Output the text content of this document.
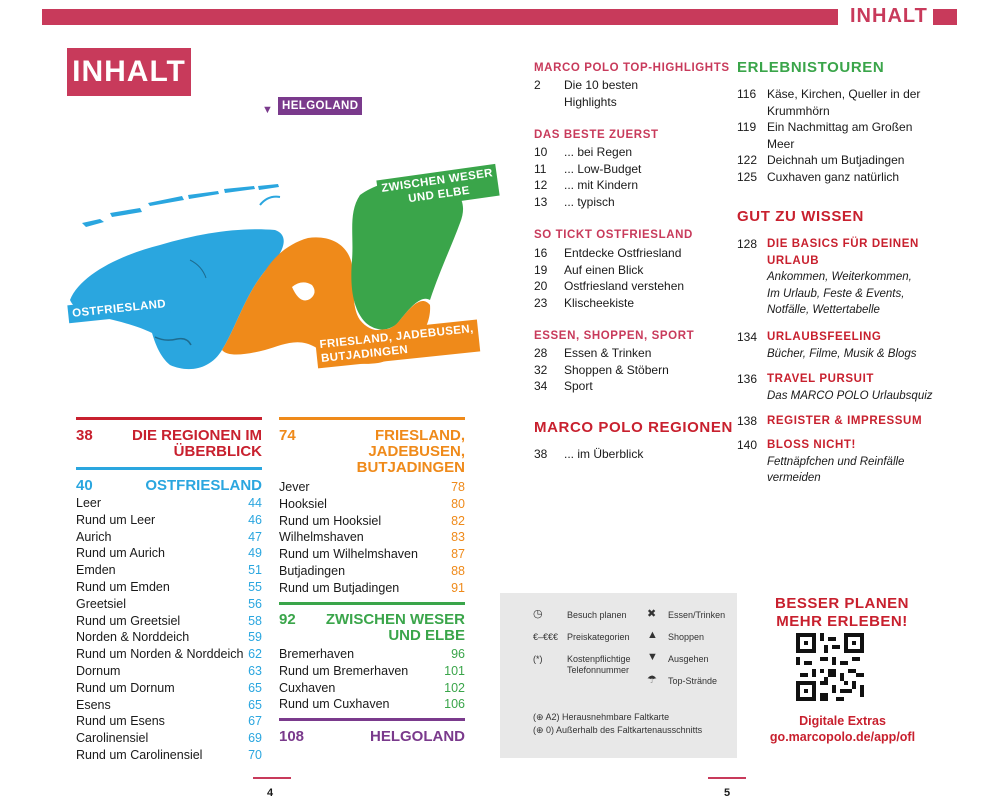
INHALT
INHALT
▼ HELGOLAND
ZWISCHEN WESER
UND ELBE
OSTFRIESLAND
FRIESLAND, JADEBUSEN,
BUTJADINGEN
38	DIE REGIONEN IM
ÜBERBLICK
40	OSTFRIESLAND
Leer	44
Rund um Leer	46
Aurich	47
Rund um Aurich	49
Emden	51
Rund um Emden	55
Greetsiel	56
Rund um Greetsiel	58
Norden & Norddeich	59
Rund um Norden & Norddeich 62
Dornum	63
Rund um Dornum	65
Esens	65
Rund um Esens	67
Carolinensiel	69
Rund um Carolinensiel	70
74	FRIESLAND,
JADEBUSEN,
BUTJADINGEN
Jever	78
Hooksiel	80
Rund um Hooksiel	82
Wilhelmshaven	83
Rund um Wilhelmshaven	87
Butjadingen	88
Rund um Butjadingen	91
92 ZWISCHEN WESER
UND ELBE
Bremerhaven	96
Rund um Bremerhaven	101
Cuxhaven	102
Rund um Cuxhaven	106
108	HELGOLAND
MARCO POLO TOP-HIGHLIGHTS
2 Die 10 besten
Highlights
DAS BESTE ZUERST
10 ... bei Regen
11 ... Low-Budget
12 ... mit Kindern
13 ... typisch
SO TICKT OSTFRIESLAND
16 Entdecke Ostfriesland
19 Auf einen Blick
20 Ostfriesland verstehen
23 Klischeekiste
ESSEN, SHOPPEN, SPORT
28 Essen & Trinken
32 Shoppen & Stöbern
34 Sport
MARCO POLO REGIONEN
38 ... im Überblick
ERLEBNISTOUREN
116 Käse, Kirchen, Queller in der
Krummhörn
119 Ein Nachmittag am Großen
Meer
122 Deichnah um Butjadingen
125 Cuxhaven ganz natürlich
GUT ZU WISSEN
128 DIE BASICS FÜR DEINEN
URLAUB
Ankommen, Weiterkommen,
Im Urlaub, Feste & Events,
Notfälle, Wettertabelle
134 URLAUBSFEELING
Bücher, Filme, Musik & Blogs
136 TRAVEL PURSUIT
Das MARCO POLO Urlaubsquiz
138 REGISTER & IMPRESSUM
140 BLOSS NICHT!
Fettnäpfchen und Reinfälle
vermeiden
◷	Besuch planen
€–€€€ Preiskategorien
(*)	Kostenpflichtige
Telefonnummer
✖ Essen/Trinken
▲ Shoppen
▼ Ausgehen
☂ Top-Strände
(⊕ A2) Herausnehmbare Faltkarte
(⊕ 0) Außerhalb des Faltkartenausschnitts
BESSER PLANEN
MEHR ERLEBEN!
Digitale Extras
go.marcopolo.de/app/ofl
4	5
